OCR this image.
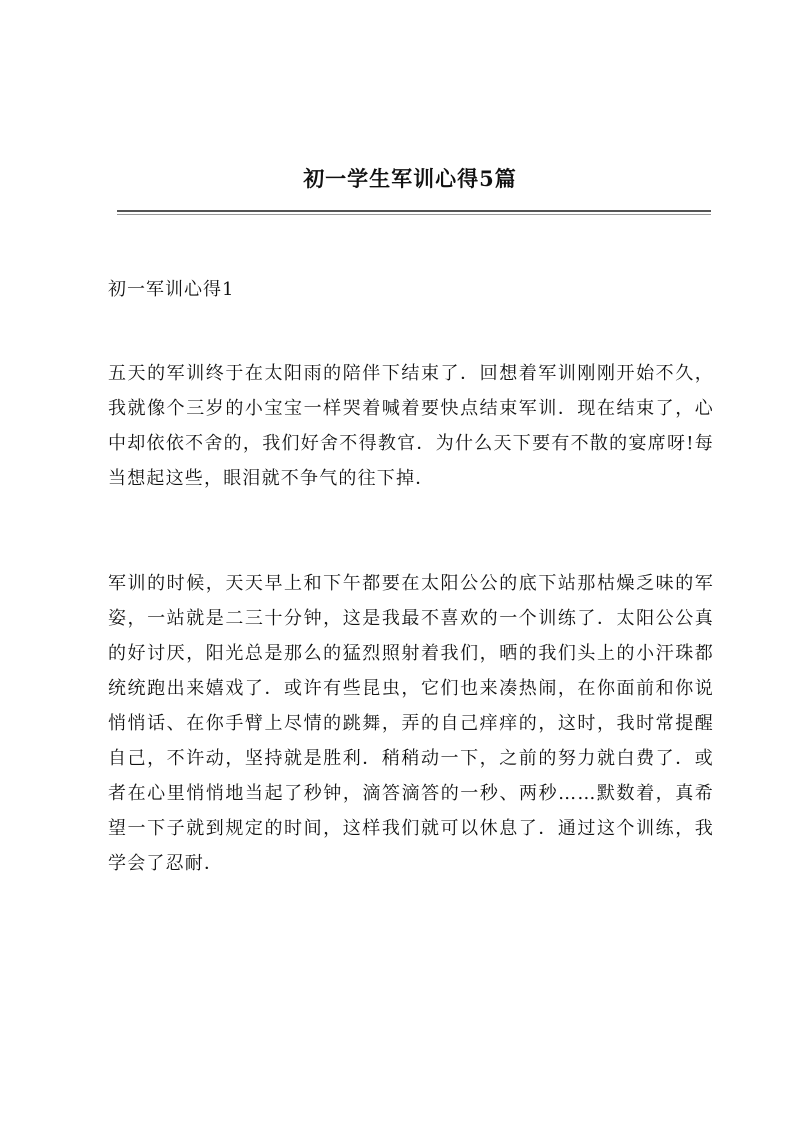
初一学生军训心得5篇
初一军训心得1

五天的军训终于在太阳雨的陪伴下结束了．回想着军训刚刚开始不久，我就像个三岁的小宝宝一样哭着喊着要快点结束军训．现在结束了，心中却依依不舍的，我们好舍不得教官．为什么天下要有不散的宴席呀!每当想起这些，眼泪就不争气的往下掉．

军训的时候，天天早上和下午都要在太阳公公的底下站那枯燥乏味的军姿，一站就是二三十分钟，这是我最不喜欢的一个训练了．太阳公公真的好讨厌，阳光总是那么的猛烈照射着我们，晒的我们头上的小汗珠都统统跑出来嬉戏了．或许有些昆虫，它们也来凑热闹，在你面前和你说悄悄话、在你手臂上尽情的跳舞，弄的自己痒痒的，这时，我时常提醒自己，不许动，坚持就是胜利．稍稍动一下，之前的努力就白费了．或者在心里悄悄地当起了秒钟，滴答滴答的一秒、两秒……默数着，真希望一下子就到规定的时间，这样我们就可以休息了．通过这个训练，我学会了忍耐．
